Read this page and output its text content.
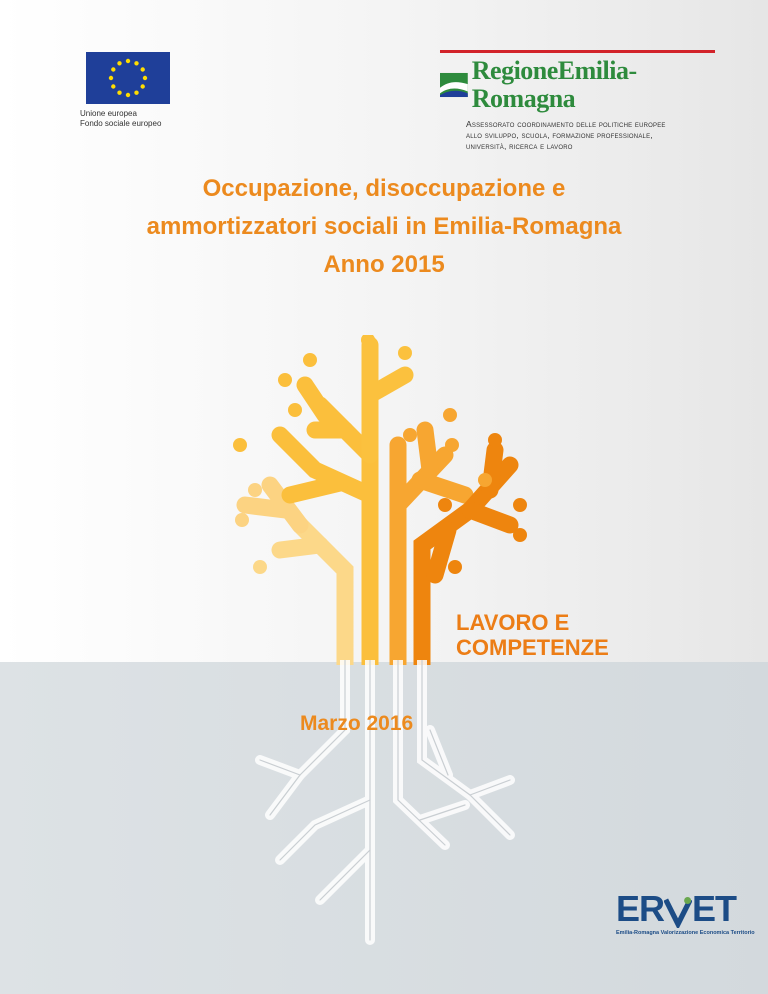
Unione europea
Fondo sociale europeo
RegioneEmilia-Romagna
Assessorato coordinamento delle politiche europee
allo sviluppo, scuola, formazione professionale,
università, ricerca e lavoro
Occupazione, disoccupazione e
ammortizzatori sociali in Emilia-Romagna
Anno 2015
LAVORO E
COMPETENZE
Marzo 2016
ER ET
Emilia-Romagna Valorizzazione Economica Territorio
